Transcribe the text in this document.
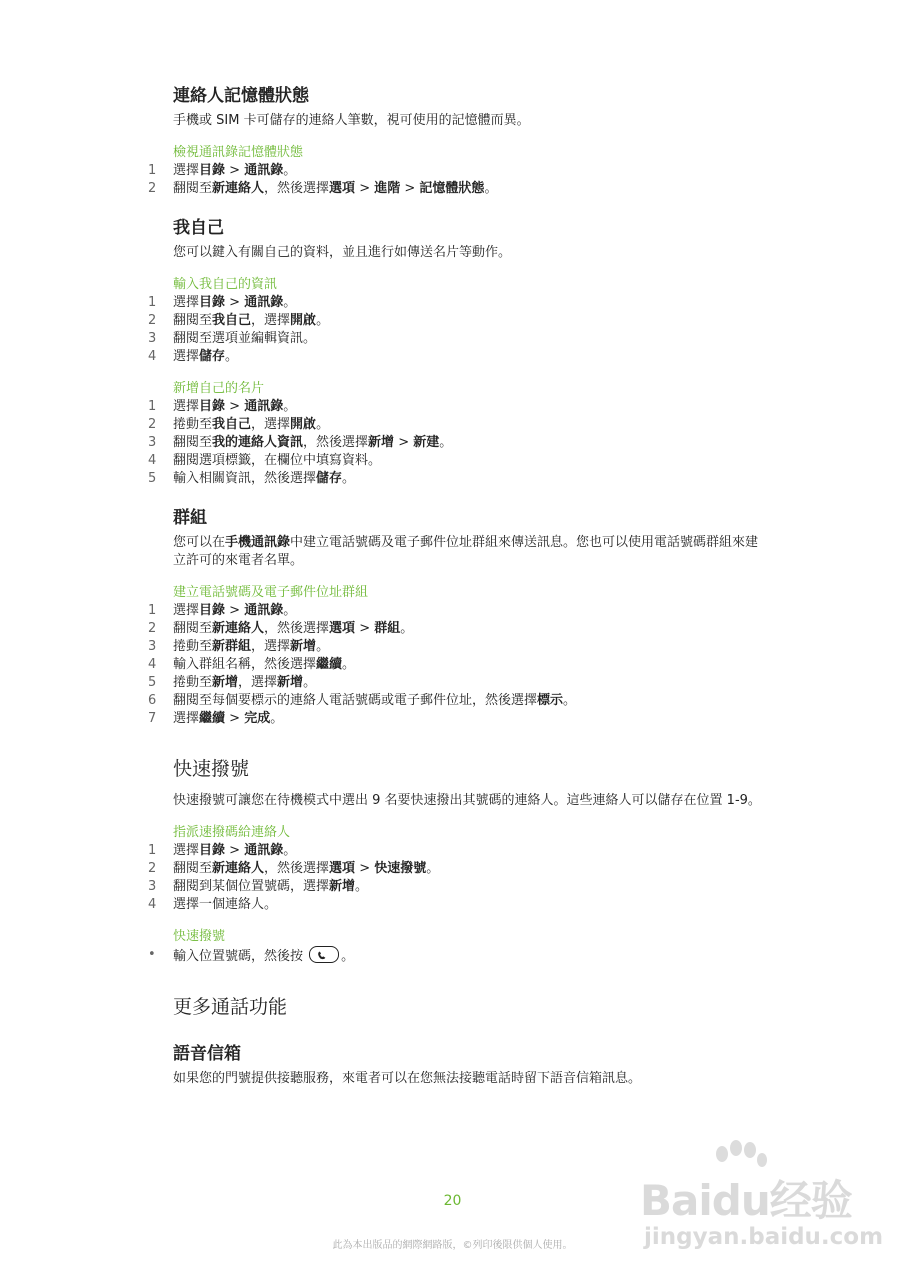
連絡人記憶體狀態

手機或 SIM 卡可儲存的連絡人筆數，視可使用的記憶體而異。

檢視通訊錄記憶體狀態

1 選擇目錄 > 通訊錄。
2 翻閱至新連絡人，然後選擇選項 > 進階 > 記憶體狀態。
我自己

您可以鍵入有關自己的資料，並且進行如傳送名片等動作。

輸入我自己的資訊

1 選擇目錄 > 通訊錄。
2 翻閱至我自己，選擇開啟。
3 翻閱至選項並編輯資訊。
4 選擇儲存。

新增自己的名片

1 選擇目錄 > 通訊錄。
2 捲動至我自己，選擇開啟。
3 翻閱至我的連絡人資訊，然後選擇新增 > 新建。
4 翻閱選項標籤，在欄位中填寫資料。
5 輸入相關資訊，然後選擇儲存。
群組

您可以在手機通訊錄中建立電話號碼及電子郵件位址群組來傳送訊息。您也可以使用電話號碼群組來建立許可的來電者名單。

建立電話號碼及電子郵件位址群組

1 選擇目錄 > 通訊錄。
2 翻閱至新連絡人，然後選擇選項 > 群組。
3 捲動至新群組，選擇新增。
4 輸入群組名稱，然後選擇繼續。
5 捲動至新增，選擇新增。
6 翻閱至每個要標示的連絡人電話號碼或電子郵件位址，然後選擇標示。
7 選擇繼續 > 完成。
快速撥號

快速撥號可讓您在待機模式中選出 9 名要快速撥出其號碼的連絡人。這些連絡人可以儲存在位置 1-9。

指派速撥碼給連絡人

1 選擇目錄 > 通訊錄。
2 翻閱至新連絡人，然後選擇選項 > 快速撥號。
3 翻閱到某個位置號碼，選擇新增。
4 選擇一個連絡人。

快速撥號

• 輸入位置號碼，然後按	。
更多通話功能
語音信箱

如果您的門號提供接聽服務，來電者可以在您無法接聽電話時留下語音信箱訊息。

20
此為本出版品的網際網路版，©列印後限供個人使用。
Baidu经验
jingyan.baidu.com
